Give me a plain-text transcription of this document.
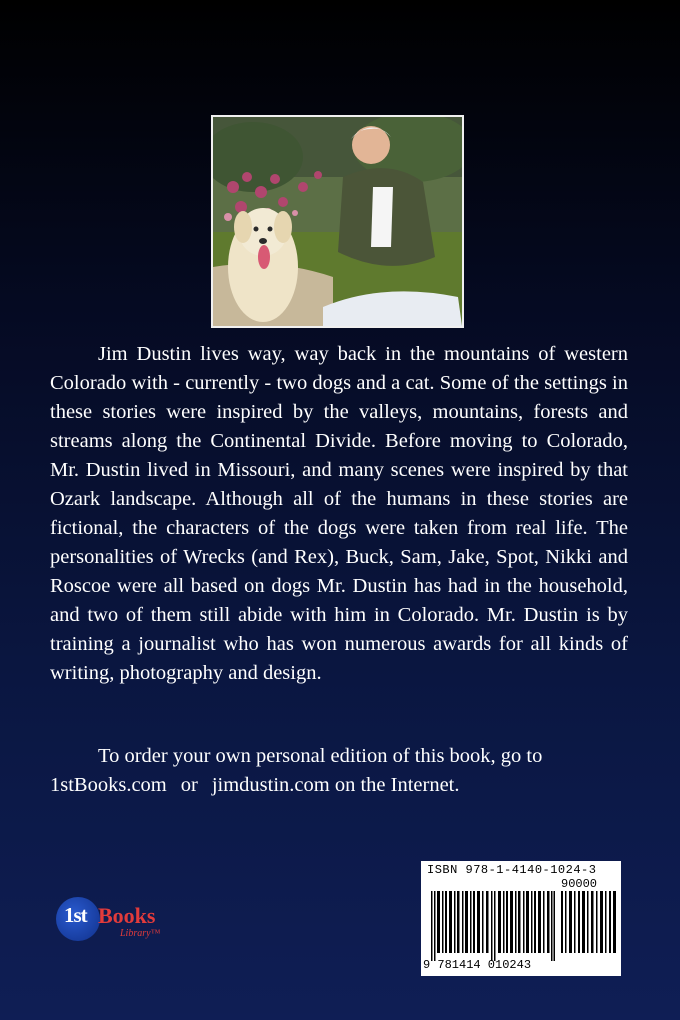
Jim Dustin lives way, way back in the mountains of western Colorado with - currently - two dogs and a cat. Some of the settings in these stories were inspired by the valleys, mountains, forests and streams along the Continental Divide. Before moving to Colorado, Mr. Dustin lived in Missouri, and many scenes were inspired by that Ozark landscape. Although all of the humans in these stories are fictional, the characters of the dogs were taken from real life. The personalities of Wrecks (and Rex), Buck, Sam, Jake, Spot, Nikki and Roscoe were all based on dogs Mr. Dustin has had in the household, and two of them still abide with him in Colorado. Mr. Dustin is by training a journalist who has won numerous awards for all kinds of writing, photography and design.

To order your own personal edition of this book, go to 1stBooks.com or jimdustin.com on the Internet.

1st Books
Library™
ISBN 978-1-4140-1024-3
90000
9 781414 010243
